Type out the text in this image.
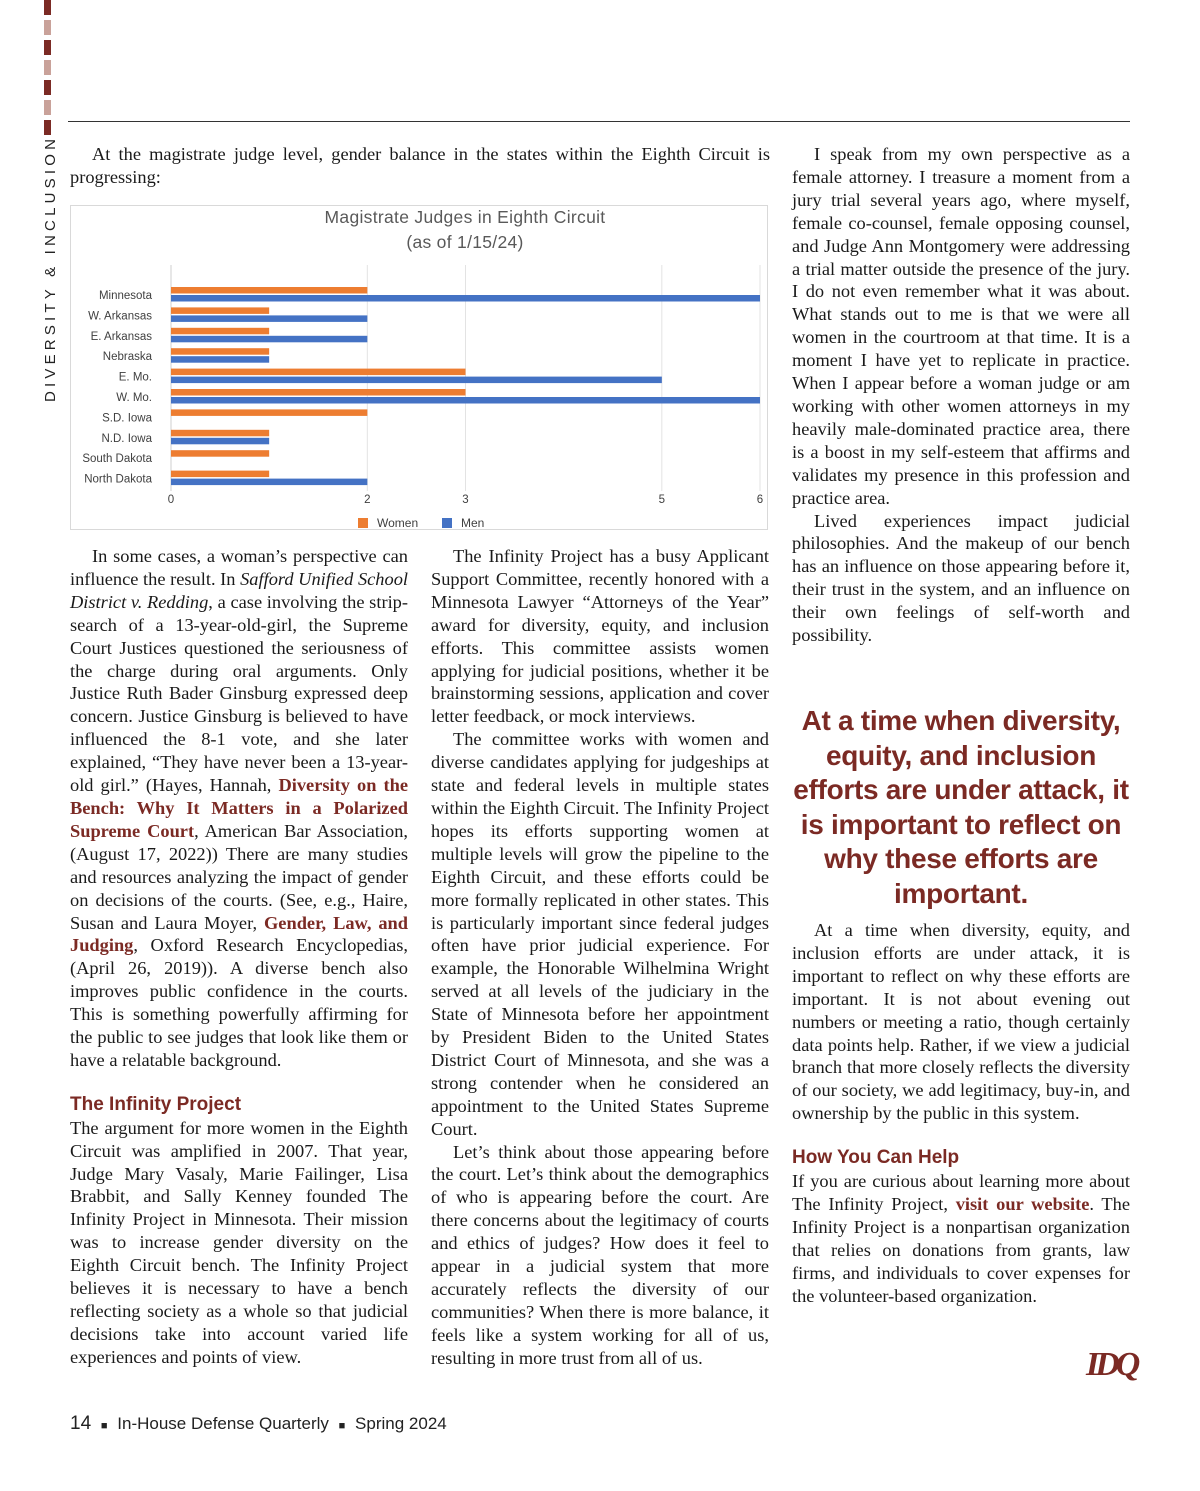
DIVERSITY & INCLUSION	At the magistrate judge level, gender balance in the states within the Eighth Circuit is progressing:

Magistrate Judges in Eighth Circuit
(as of 1/15/24)
Minnesota
W. Arkansas
E. Arkansas
Nebraska
E. Mo.
W. Mo.
S.D. Iowa
N.D. Iowa
South Dakota
North Dakota
0	2	3	5	6
Women	Men

In some cases, a woman’s perspective can influence the result. In Safford Unified School District v. Redding, a case involving the strip-search of a 13-year-old-girl, the Supreme Court Justices questioned the seriousness of the charge during oral arguments. Only Justice Ruth Bader Ginsburg expressed deep concern. Justice Ginsburg is believed to have influenced the 8-1 vote, and she later explained, “They have never been a 13-year-old girl.” (Hayes, Hannah, Diversity on the Bench: Why It Matters in a Polarized Supreme Court, American Bar Association, (August 17, 2022)) There are many studies and resources analyzing the impact of gender on decisions of the courts. (See, e.g., Haire, Susan and Laura Moyer, Gender, Law, and Judging, Oxford Research Encyclopedias, (April 26, 2019)). A diverse bench also improves public confidence in the courts. This is something powerfully affirming for the public to see judges that look like them or have a relatable background.

The Infinity Project

The argument for more women in the Eighth Circuit was amplified in 2007. That year, Judge Mary Vasaly, Marie Failinger, Lisa Brabbit, and Sally Kenney founded The Infinity Project in Minnesota. Their mission was to increase gender diversity on the Eighth Circuit bench. The Infinity Project believes it is necessary to have a bench reflecting society as a whole so that judicial decisions take into account varied life experiences and points of view.

The Infinity Project has a busy Applicant Support Committee, recently honored with a Minnesota Lawyer “Attorneys of the Year” award for diversity, equity, and inclusion efforts. This committee assists women applying for judicial positions, whether it be brainstorming sessions, application and cover letter feedback, or mock interviews.

The committee works with women and diverse candidates applying for judgeships at state and federal levels in multiple states within the Eighth Circuit. The Infinity Project hopes its efforts supporting women at multiple levels will grow the pipeline to the Eighth Circuit, and these efforts could be more formally replicated in other states. This is particularly important since federal judges often have prior judicial experience. For example, the Honorable Wilhelmina Wright served at all levels of the judiciary in the State of Minnesota before her appointment by President Biden to the United States District Court of Minnesota, and she was a strong contender when he considered an appointment to the United States Supreme Court.

Let’s think about those appearing before the court. Let’s think about the demographics of who is appearing before the court. Are there concerns about the legitimacy of courts and ethics of judges? How does it feel to appear in a judicial system that more accurately reflects the diversity of our communities? When there is more balance, it feels like a system working for all of us, resulting in more trust from all of us.

I speak from my own perspective as a female attorney. I treasure a moment from a jury trial several years ago, where myself, female co-counsel, female opposing counsel, and Judge Ann Montgomery were addressing a trial matter outside the presence of the jury. I do not even remember what it was about. What stands out to me is that we were all women in the courtroom at that time. It is a moment I have yet to replicate in practice. When I appear before a woman judge or am working with other women attorneys in my heavily male-dominated practice area, there is a boost in my self-esteem that affirms and validates my presence in this profession and practice area.

Lived experiences impact judicial philosophies. And the makeup of our bench has an influence on those appearing before it, their trust in the system, and an influence on their own feelings of self-worth and possibility.

At a time when diversity, equity, and inclusion efforts are under attack, it is important to reflect on why these efforts are important.

At a time when diversity, equity, and inclusion efforts are under attack, it is important to reflect on why these efforts are important. It is not about evening out numbers or meeting a ratio, though certainly data points help. Rather, if we view a judicial branch that more closely reflects the diversity of our society, we add legitimacy, buy-in, and ownership by the public in this system.

How You Can Help

If you are curious about learning more about The Infinity Project, visit our website. The Infinity Project is a nonpartisan organization that relies on donations from grants, law firms, and individuals to cover expenses for the volunteer-based organization.

IDQ
14 ■ In-House Defense Quarterly ■ Spring 2024
